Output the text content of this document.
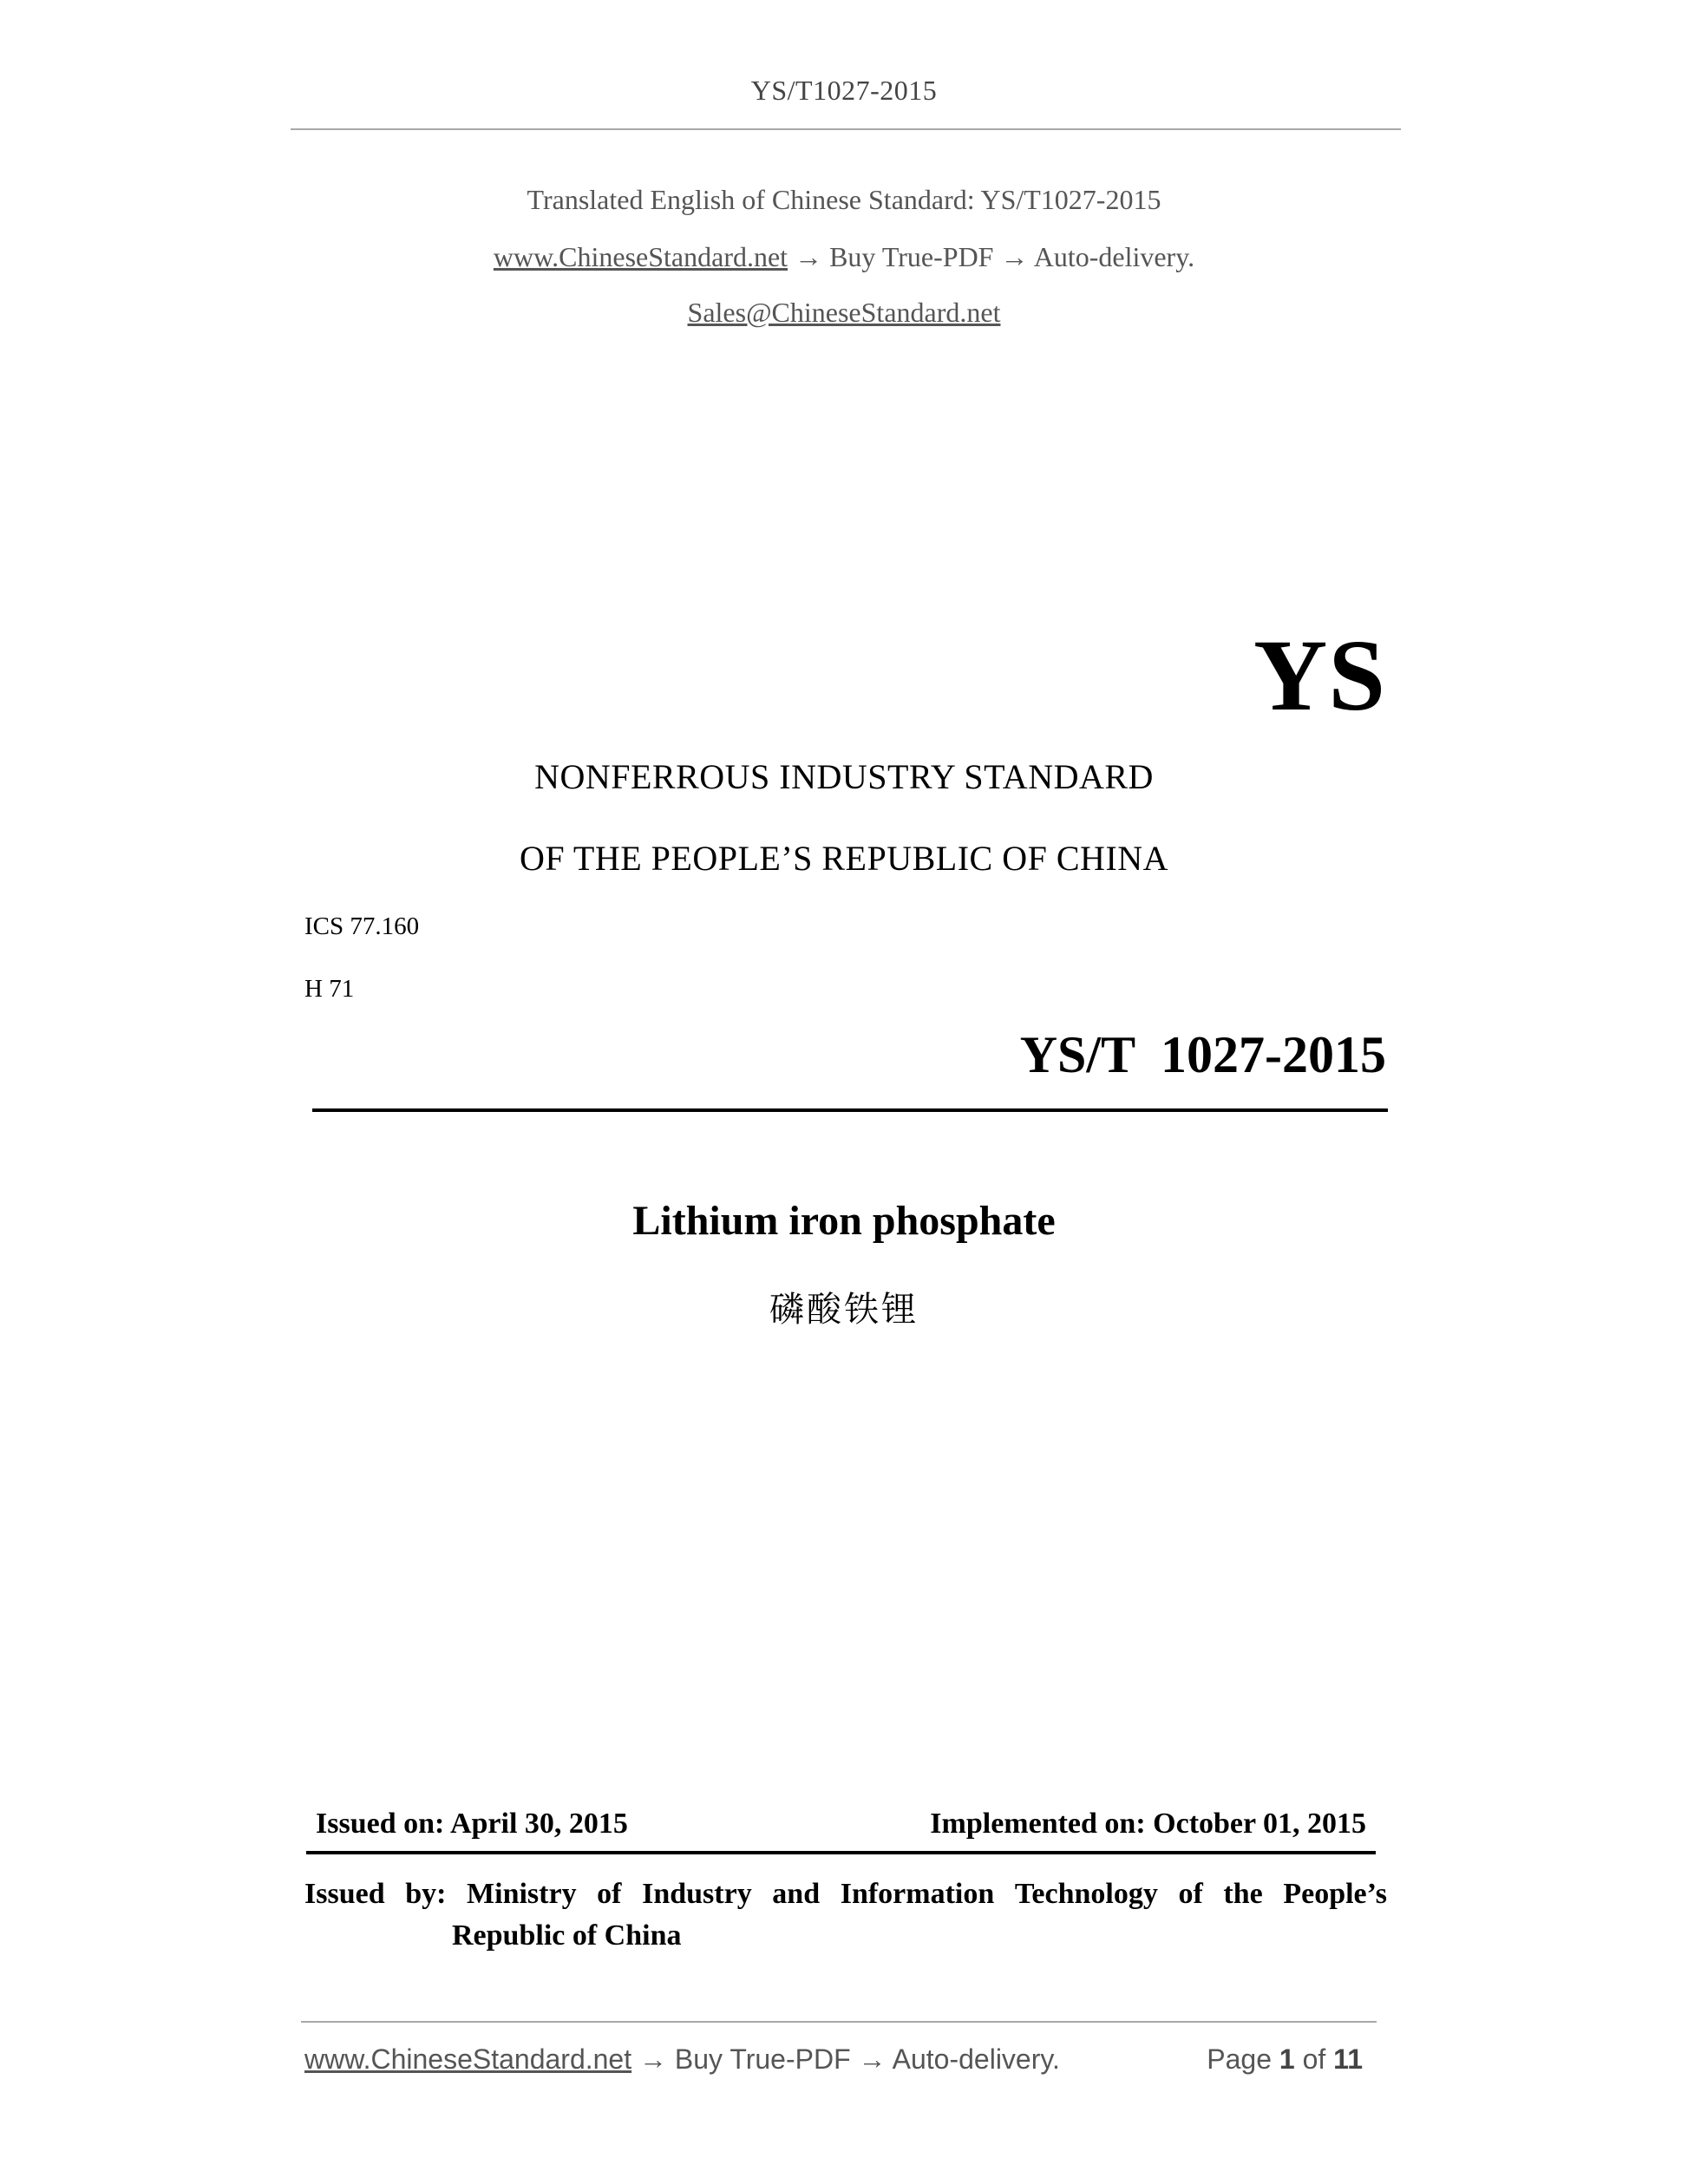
YS/T1027-2015
Translated English of Chinese Standard: YS/T1027-2015
www.ChineseStandard.net → Buy True-PDF → Auto-delivery.
Sales@ChineseStandard.net
YS
NONFERROUS INDUSTRY STANDARD
OF THE PEOPLE’S REPUBLIC OF CHINA
ICS 77.160
H 71
YS/T  1027-2015
Lithium iron phosphate
磷酸铁锂
Issued on: April 30, 2015	Implemented on: October 01, 2015
Issued by: Ministry of Industry and Information Technology of the People’s
Republic of China
www.ChineseStandard.net → Buy True-PDF → Auto-delivery.	Page 1 of 11
